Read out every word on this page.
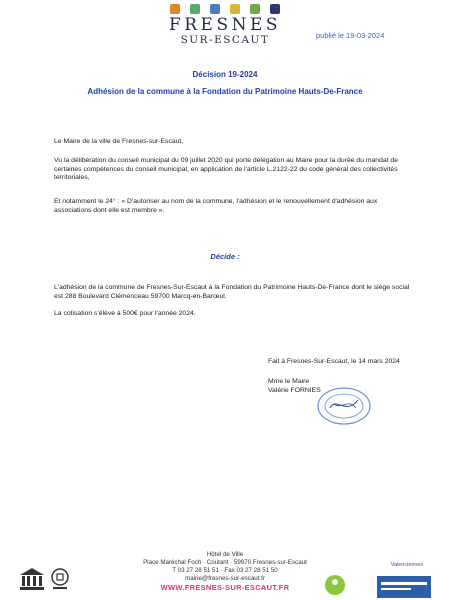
FRESNES
SUR-ESCAUT	publié le 19-03-2024
Décision 19-2024
Adhésion de la commune à la Fondation du Patrimoine Hauts-De-France
Le Maire de la ville de Fresnes-sur-Escaut,
Vu la délibération du conseil municipal du 09 juillet 2020 qui porte délégation au Maire pour la durée du mandat de certaines compétences du conseil municipal, en application de l'article L.2122-22 du code général des collectivités territoriales,
Et notamment le 24° : « D'autoriser au nom de la commune, l'adhésion et le renouvellement d'adhésion aux associations dont elle est membre ».
Décide :
L'adhésion de la commune de Fresnes-Sur-Escaut à la Fondation du Patrimoine Hauts-De-France dont le siège social est 288 Boulevard Clémenceau 59700 Marcq-en-Barœul.
La cotisation s'élève à 500€ pour l'année 2024.
Fait à Fresnes-Sur-Escaut, le 14 mars 2024
Mme le Maire
Valérie FORNIES
Hôtel de Ville
Place Maréchal Foch · Coutant · 59970 Fresnes-sur-Escaut
T 03 27 28 51 51 · Fax 03 27 28 51 50
mairie@fresnes-sur-escaut.fr
WWW.FRESNES-SUR-ESCAUT.FR
Valenciennes
